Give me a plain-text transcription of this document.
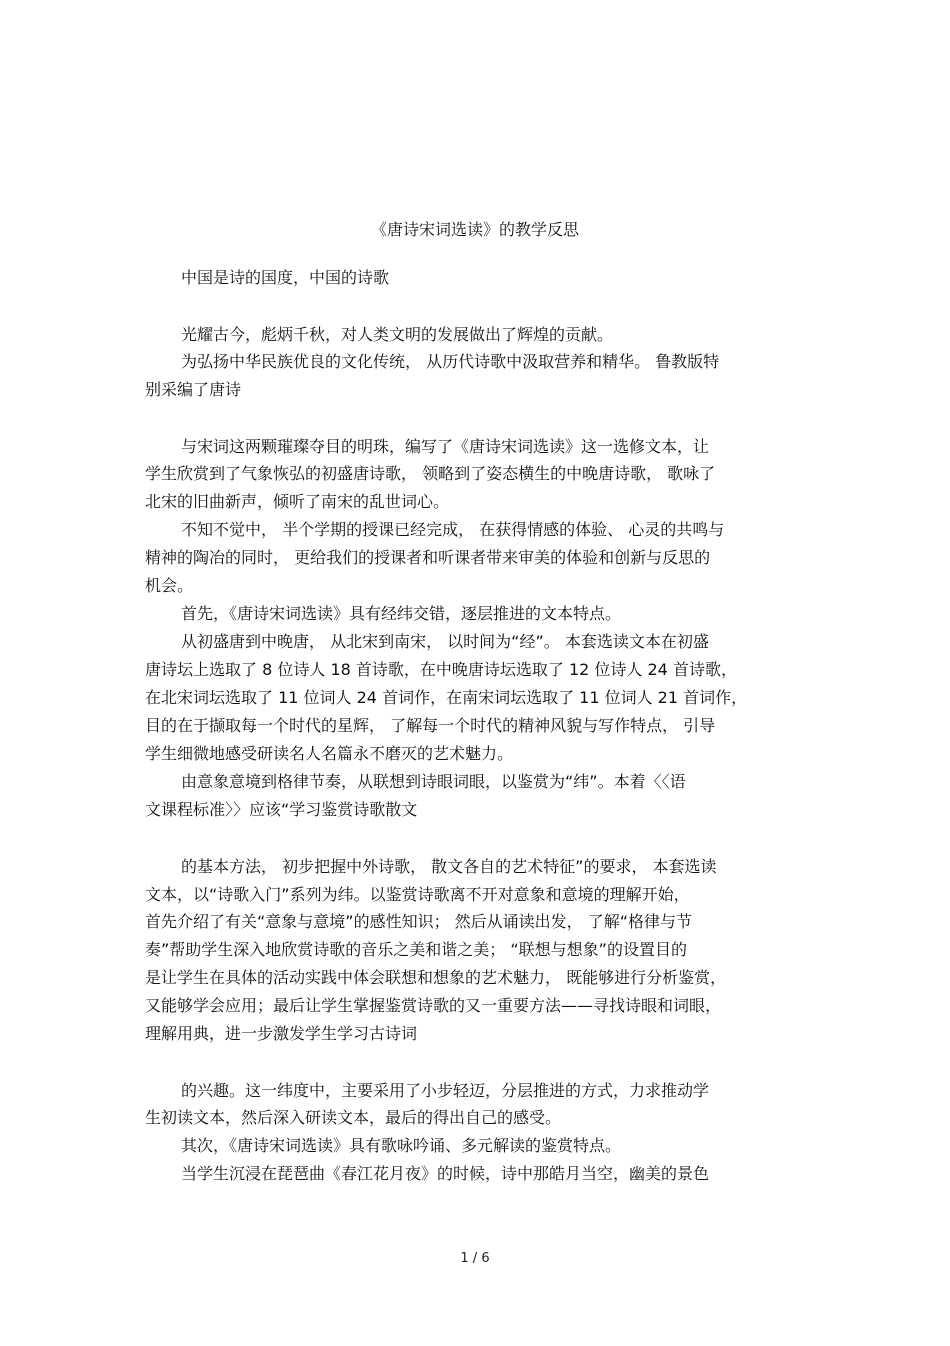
《唐诗宋词选读》的教学反思
中国是诗的国度，中国的诗歌
光耀古今，彪炳千秋，对人类文明的发展做出了辉煌的贡献。
为弘扬中华民族优良的文化传统， 从历代诗歌中汲取营养和精华。 鲁教版特
别采编了唐诗
与宋词这两颗璀璨夺目的明珠，编写了《唐诗宋词选读》这一选修文本，让
学生欣赏到了气象恢弘的初盛唐诗歌， 领略到了姿态横生的中晚唐诗歌， 歌咏了
北宋的旧曲新声，倾听了南宋的乱世词心。
不知不觉中， 半个学期的授课已经完成， 在获得情感的体验、 心灵的共鸣与
精神的陶冶的同时， 更给我们的授课者和听课者带来审美的体验和创新与反思的
机会。
首先，《唐诗宋词选读》具有经纬交错，逐层推进的文本特点。
从初盛唐到中晚唐， 从北宋到南宋， 以时间为“经”。 本套选读文本在初盛
唐诗坛上选取了 8 位诗人 18 首诗歌，在中晚唐诗坛选取了 12 位诗人 24 首诗歌，
在北宋词坛选取了 11 位词人 24 首词作，在南宋词坛选取了 11 位词人 21 首词作，
目的在于撷取每一个时代的星辉， 了解每一个时代的精神风貌与写作特点， 引导
学生细微地感受研读名人名篇永不磨灭的艺术魅力。
由意象意境到格律节奏，从联想到诗眼词眼，以鉴赏为“纬”。本着〈〈语
文课程标准〉〉应该“学习鉴赏诗歌散文
的基本方法， 初步把握中外诗歌， 散文各自的艺术特征”的要求， 本套选读
文本，以“诗歌入门”系列为纬。以鉴赏诗歌离不开对意象和意境的理解开始，
首先介绍了有关“意象与意境”的感性知识； 然后从诵读出发， 了解“格律与节
奏”帮助学生深入地欣赏诗歌的音乐之美和谐之美； “联想与想象”的设置目的
是让学生在具体的活动实践中体会联想和想象的艺术魅力， 既能够进行分析鉴赏，
又能够学会应用；最后让学生掌握鉴赏诗歌的又一重要方法——寻找诗眼和词眼，
理解用典，进一步激发学生学习古诗词
的兴趣。这一纬度中，主要采用了小步轻迈，分层推进的方式，力求推动学
生初读文本，然后深入研读文本，最后的得出自己的感受。
其次，《唐诗宋词选读》具有歌咏吟诵、多元解读的鉴赏特点。
当学生沉浸在琵琶曲《春江花月夜》的时候，诗中那皓月当空，幽美的景色
1 / 6
